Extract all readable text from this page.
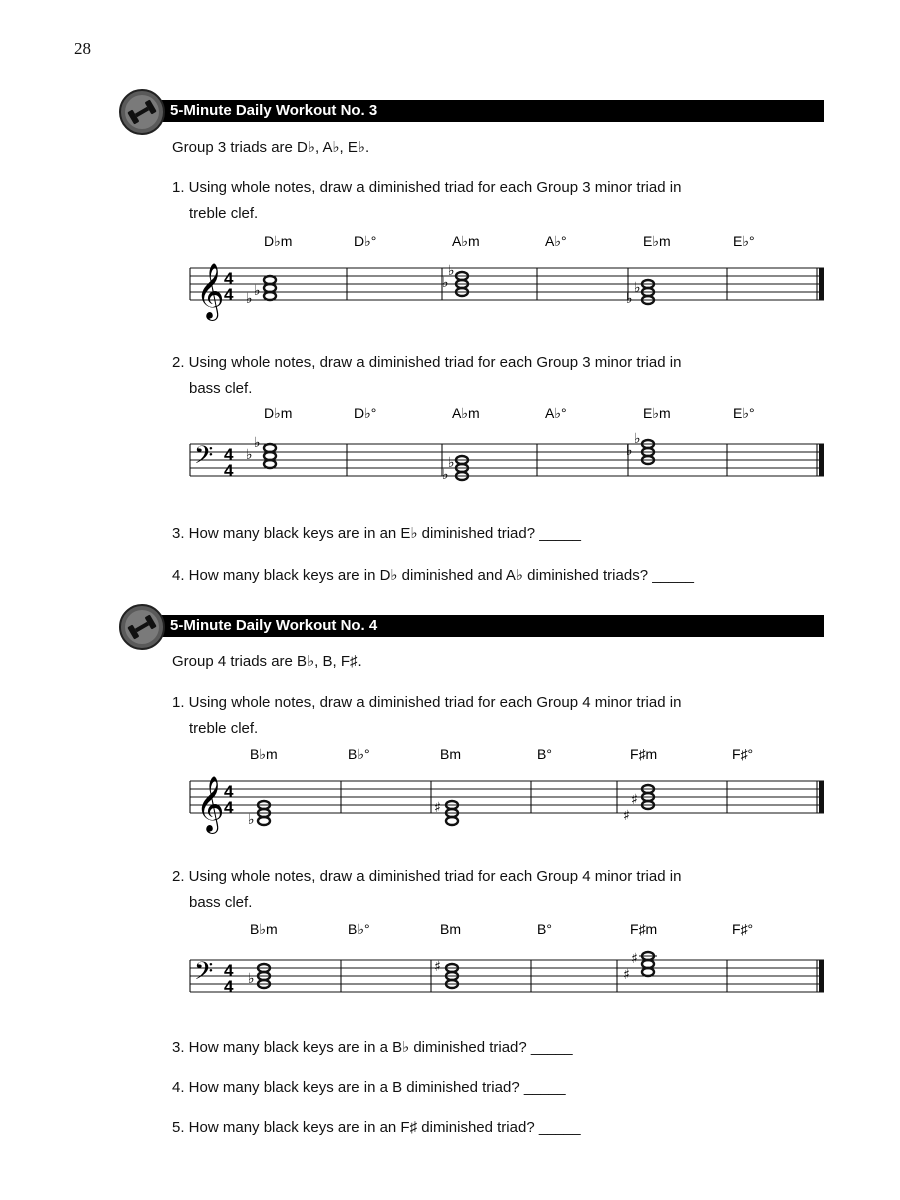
28
5-Minute Daily Workout No. 3
Group 3 triads are D♭, A♭, E♭.
1. Using whole notes, draw a diminished triad for each Group 3 minor triad in
treble clef.
D♭m	D♭°	A♭m	A♭°	E♭m	E♭°
𝄞 4
4 ♭ ♭	♭
♭
♭
♭
2. Using whole notes, draw a diminished triad for each Group 3 minor triad in
bass clef.
D♭m	D♭°	A♭m	A♭°	E♭m	E♭°
𝄢 4
4
♭
♭
♭
♭
♭
♭
3. How many black keys are in an E♭ diminished triad? _____
4. How many black keys are in D♭ diminished and A♭ diminished triads? _____
5-Minute Daily Workout No. 4
Group 4 triads are B♭, B, F♯.
1. Using whole notes, draw a diminished triad for each Group 4 minor triad in
treble clef.
B♭m	B♭°	Bm	B°	F♯m	F♯°
𝄞 4
4
♭
♯	♯
♯
2. Using whole notes, draw a diminished triad for each Group 4 minor triad in
bass clef.
B♭m	B♭°	Bm	B°	F♯m	F♯°
𝄢 4
4 ♭
♯	♯
♯
3. How many black keys are in a B♭ diminished triad? _____
4. How many black keys are in a B diminished triad? _____
5. How many black keys are in an F♯ diminished triad? _____
